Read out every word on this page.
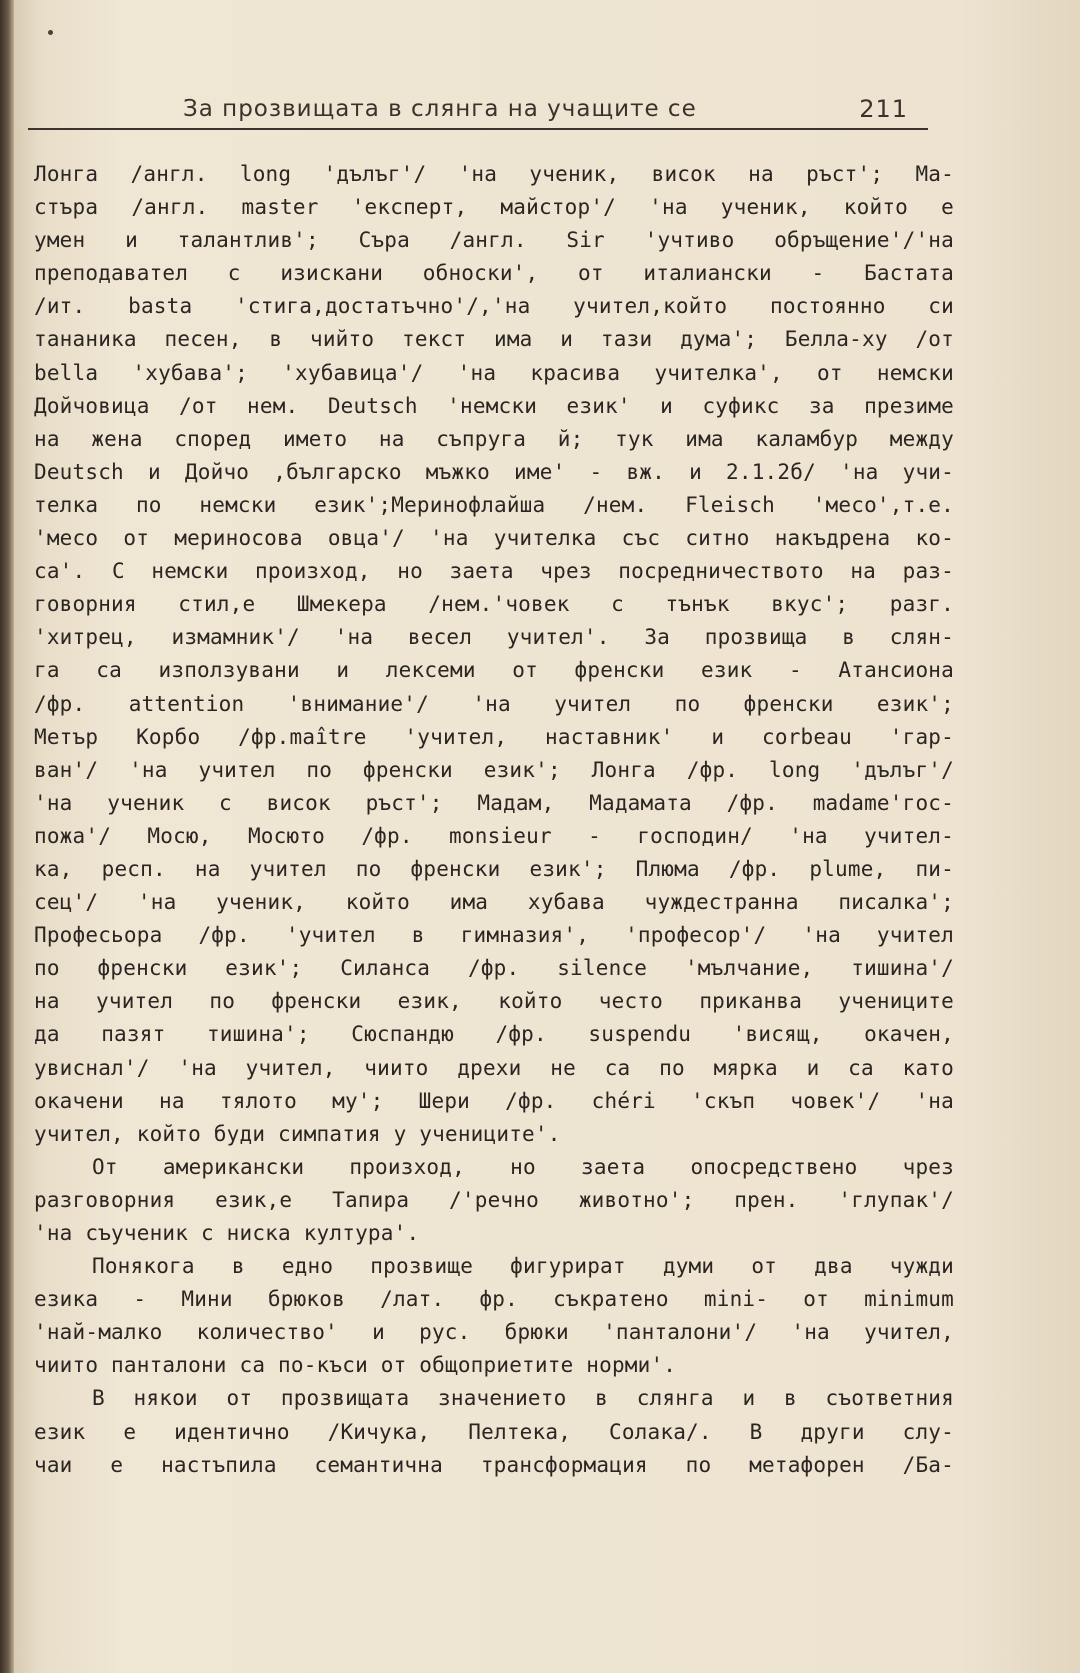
За прозвищата в слянга на учащите се	211
Лонга /англ. long 'дълъг'/ 'на ученик, висок на ръст'; Ма-
стъра /англ. master 'експерт, майстор'/ 'на ученик, който е
умен и талантлив'; Съра /англ. Sir 'учтиво обръщение'/'на
преподавател с изискани обноски', от италиански - Бастата
/ит. basta 'стига,достатъчно'/,'на учител,който постоянно си
тананика песен, в чийто текст има и тази дума'; Белла-ху /от
bella 'хубава'; 'хубавица'/ 'на красива учителка', от немски
Дойчовица /от нем. Deutsch 'немски език' и суфикс за презиме
на жена според името на съпруга й; тук има каламбур между
Deutsch и Дойчо ,българско мъжко име' - вж. и 2.1.2б/ 'на учи-
телка по немски език';Меринофлайша /нем. Fleisch 'месо',т.е.
'месо от мериносова овца'/ 'на учителка със ситно накъдрена ко-
са'. С немски произход, но заета чрез посредничеството на раз-
говорния стил,е Шмекера /нем.'човек с тънък вкус'; разг.
'хитрец, измамник'/ 'на весел учител'. За прозвища в слян-
га са използувани и лексеми от френски език - Атансиона
/фр. attention 'внимание'/ 'на учител по френски език';
Метър Корбо /фр.maître 'учител, наставник' и corbeau 'гар-
ван'/ 'на учител по френски език'; Лонга /фр. long 'дълъг'/
'на ученик с висок ръст'; Мадам, Мадамата /фр. madame'гос-
пожа'/ Мосю, Мосюто /фр. monsieur - господин/ 'на учител-
ка, респ. на учител по френски език'; Плюма /фр. plume, пи-
сец'/ 'на ученик, който има хубава чуждестранна писалка';
Професьора /фр. 'учител в гимназия', 'професор'/ 'на учител
по френски език'; Силанса /фр. silence 'мълчание, тишина'/
на учител по френски език, който често приканва учениците
да пазят тишина'; Сюспандю /фр. suspendu 'висящ, окачен,
увиснал'/ 'на учител, чиито дрехи не са по мярка и са като
окачени на тялото му'; Шери /фр. chéri 'скъп човек'/ 'на
учител, който буди симпатия у учениците'.
От американски произход, но заета опосредствено чрез
разговорния език,е Тапира /'речно животно'; прен. 'глупак'/
'на съученик с ниска култура'.
Понякога в едно прозвище фигурират думи от два чужди
езика - Мини брюков /лат. фр. съкратено mini- от minimum
'най-малко количество' и рус. брюки 'панталони'/ 'на учител,
чиито панталони са по-къси от общоприетите норми'.
В някои от прозвищата значението в слянга и в съответния
език е идентично /Кичука, Пелтека, Солака/. В други слу-
чаи е настъпила семантична трансформация по метафорен /Ба-
